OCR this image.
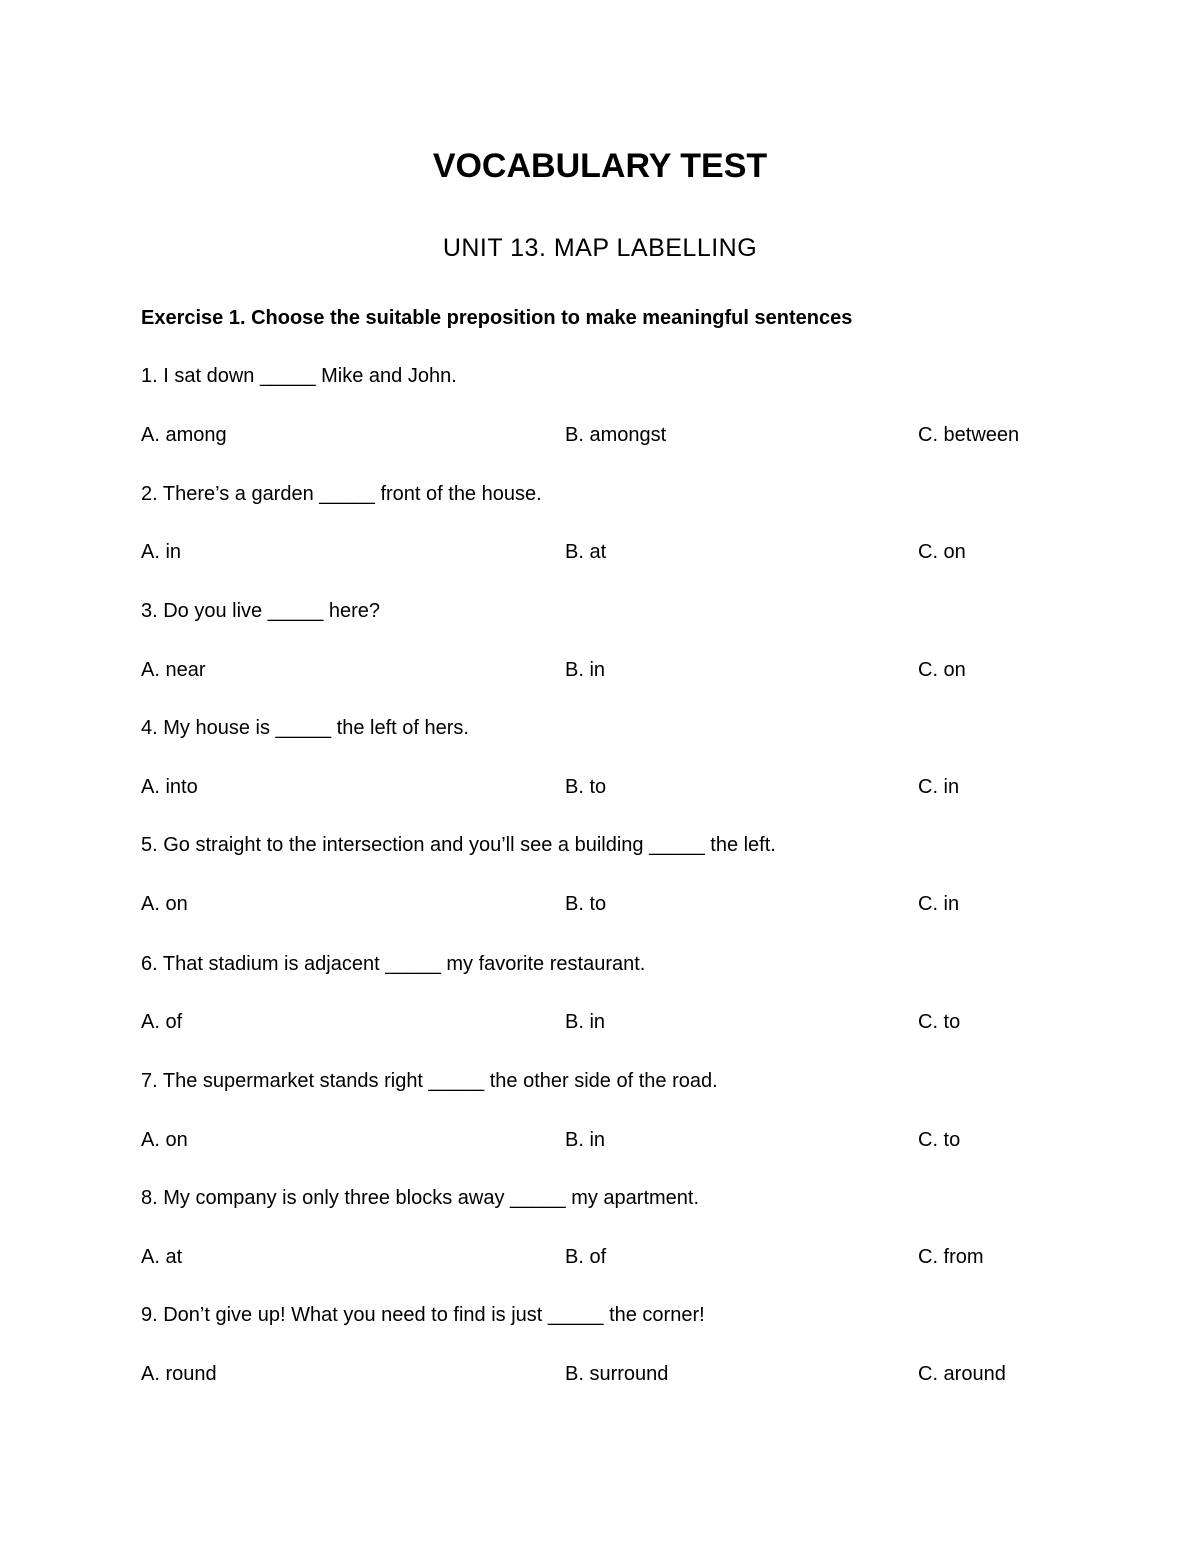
VOCABULARY TEST
UNIT 13. MAP LABELLING
Exercise 1. Choose the suitable preposition to make meaningful sentences
1. I sat down _____ Mike and John.
A. among	B. amongst	C. between
2. There’s a garden _____ front of the house.
A. in	B. at	C. on
3. Do you live _____ here?
A. near	B. in	C. on
4. My house is _____ the left of hers.
A. into	B. to	C. in
5. Go straight to the intersection and you’ll see a building _____ the left.
A. on	B. to	C. in
6. That stadium is adjacent _____ my favorite restaurant.
A. of	B. in	C. to
7. The supermarket stands right _____ the other side of the road.
A. on	B. in	C. to
8. My company is only three blocks away _____ my apartment.
A. at	B. of	C. from
9. Don’t give up! What you need to find is just _____ the corner!
A. round	B. surround	C. around
